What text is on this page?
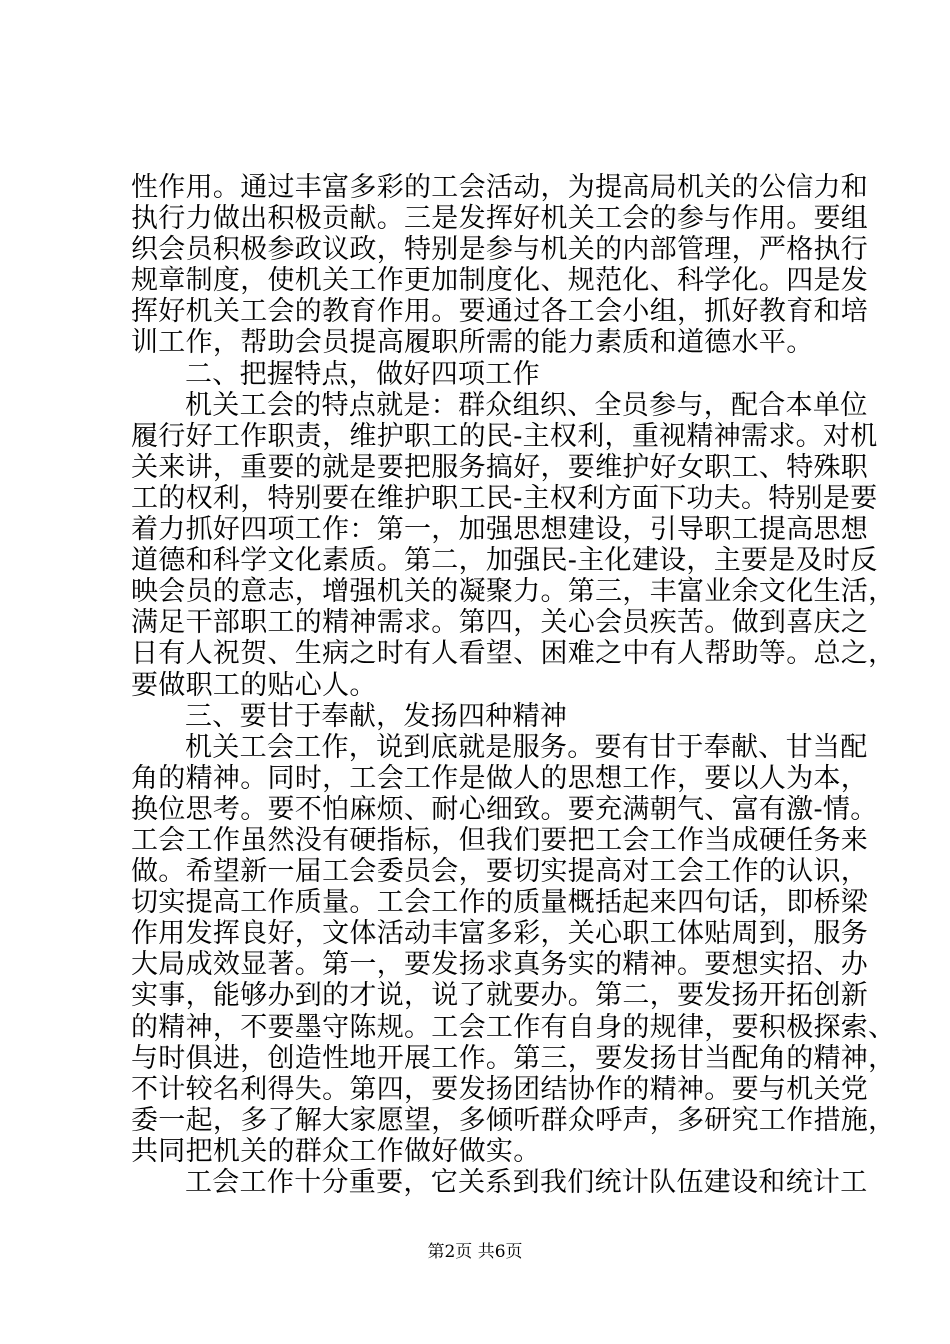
性作用。通过丰富多彩的工会活动，为提高局机关的公信力和
执行力做出积极贡献。三是发挥好机关工会的参与作用。要组
织会员积极参政议政，特别是参与机关的内部管理，严格执行
规章制度，使机关工作更加制度化、规范化、科学化。四是发
挥好机关工会的教育作用。要通过各工会小组，抓好教育和培
训工作，帮助会员提高履职所需的能力素质和道德水平。
二、把握特点，做好四项工作
机关工会的特点就是：群众组织、全员参与，配合本单位
履行好工作职责，维护职工的民-主权利，重视精神需求。对机
关来讲，重要的就是要把服务搞好，要维护好女职工、特殊职
工的权利，特别要在维护职工民-主权利方面下功夫。特别是要
着力抓好四项工作：第一，加强思想建设，引导职工提高思想
道德和科学文化素质。第二，加强民-主化建设，主要是及时反
映会员的意志，增强机关的凝聚力。第三，丰富业余文化生活，
满足干部职工的精神需求。第四，关心会员疾苦。做到喜庆之
日有人祝贺、生病之时有人看望、困难之中有人帮助等。总之，
要做职工的贴心人。
三、要甘于奉献，发扬四种精神
机关工会工作，说到底就是服务。要有甘于奉献、甘当配
角的精神。同时，工会工作是做人的思想工作，要以人为本，
换位思考。要不怕麻烦、耐心细致。要充满朝气、富有激-情。
工会工作虽然没有硬指标，但我们要把工会工作当成硬任务来
做。希望新一届工会委员会，要切实提高对工会工作的认识，
切实提高工作质量。工会工作的质量概括起来四句话，即桥梁
作用发挥良好，文体活动丰富多彩，关心职工体贴周到，服务
大局成效显著。第一，要发扬求真务实的精神。要想实招、办
实事，能够办到的才说，说了就要办。第二，要发扬开拓创新
的精神，不要墨守陈规。工会工作有自身的规律，要积极探索、
与时俱进，创造性地开展工作。第三，要发扬甘当配角的精神，
不计较名利得失。第四，要发扬团结协作的精神。要与机关党
委一起，多了解大家愿望，多倾听群众呼声，多研究工作措施，
共同把机关的群众工作做好做实。
工会工作十分重要，它关系到我们统计队伍建设和统计工
第2页 共6页
